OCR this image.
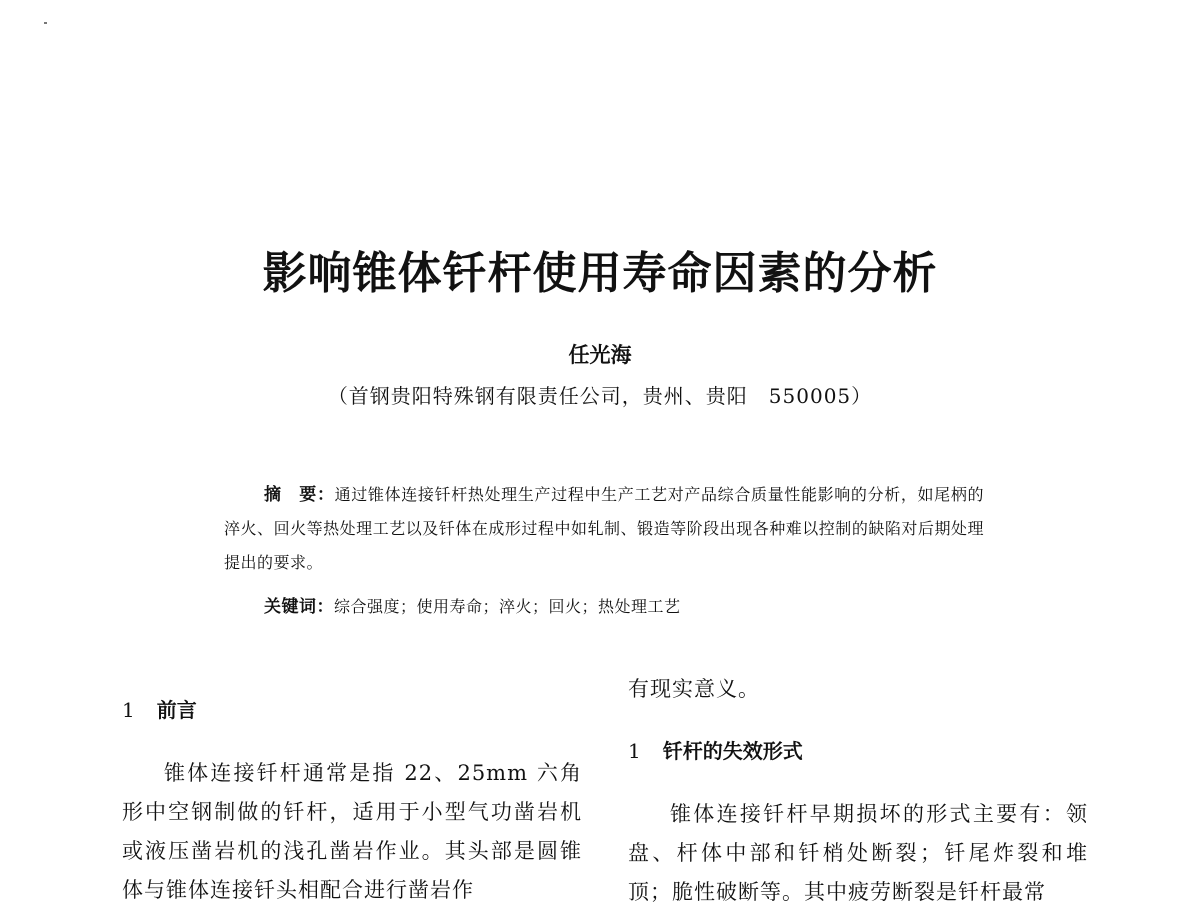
影响锥体钎杆使用寿命因素的分析
任光海
（首钢贵阳特殊钢有限责任公司，贵州、贵阳　550005）

摘　要：通过锥体连接钎杆热处理生产过程中生产工艺对产品综合质量性能影响的分析，如尾柄的淬火、回火等热处理工艺以及钎体在成形过程中如轧制、锻造等阶段出现各种难以控制的缺陷对后期处理提出的要求。

关键词：综合强度；使用寿命；淬火；回火；热处理工艺
1 前言

锥体连接钎杆通常是指 22、25mm 六角形中空钢制做的钎杆，适用于小型气功凿岩机或液压凿岩机的浅孔凿岩作业。其头部是圆锥体与锥体连接钎头相配合进行凿岩作

有现实意义。

1 钎杆的失效形式

锥体连接钎杆早期损坏的形式主要有：领盘、杆体中部和钎梢处断裂；钎尾炸裂和堆顶；脆性破断等。其中疲劳断裂是钎杆最常
